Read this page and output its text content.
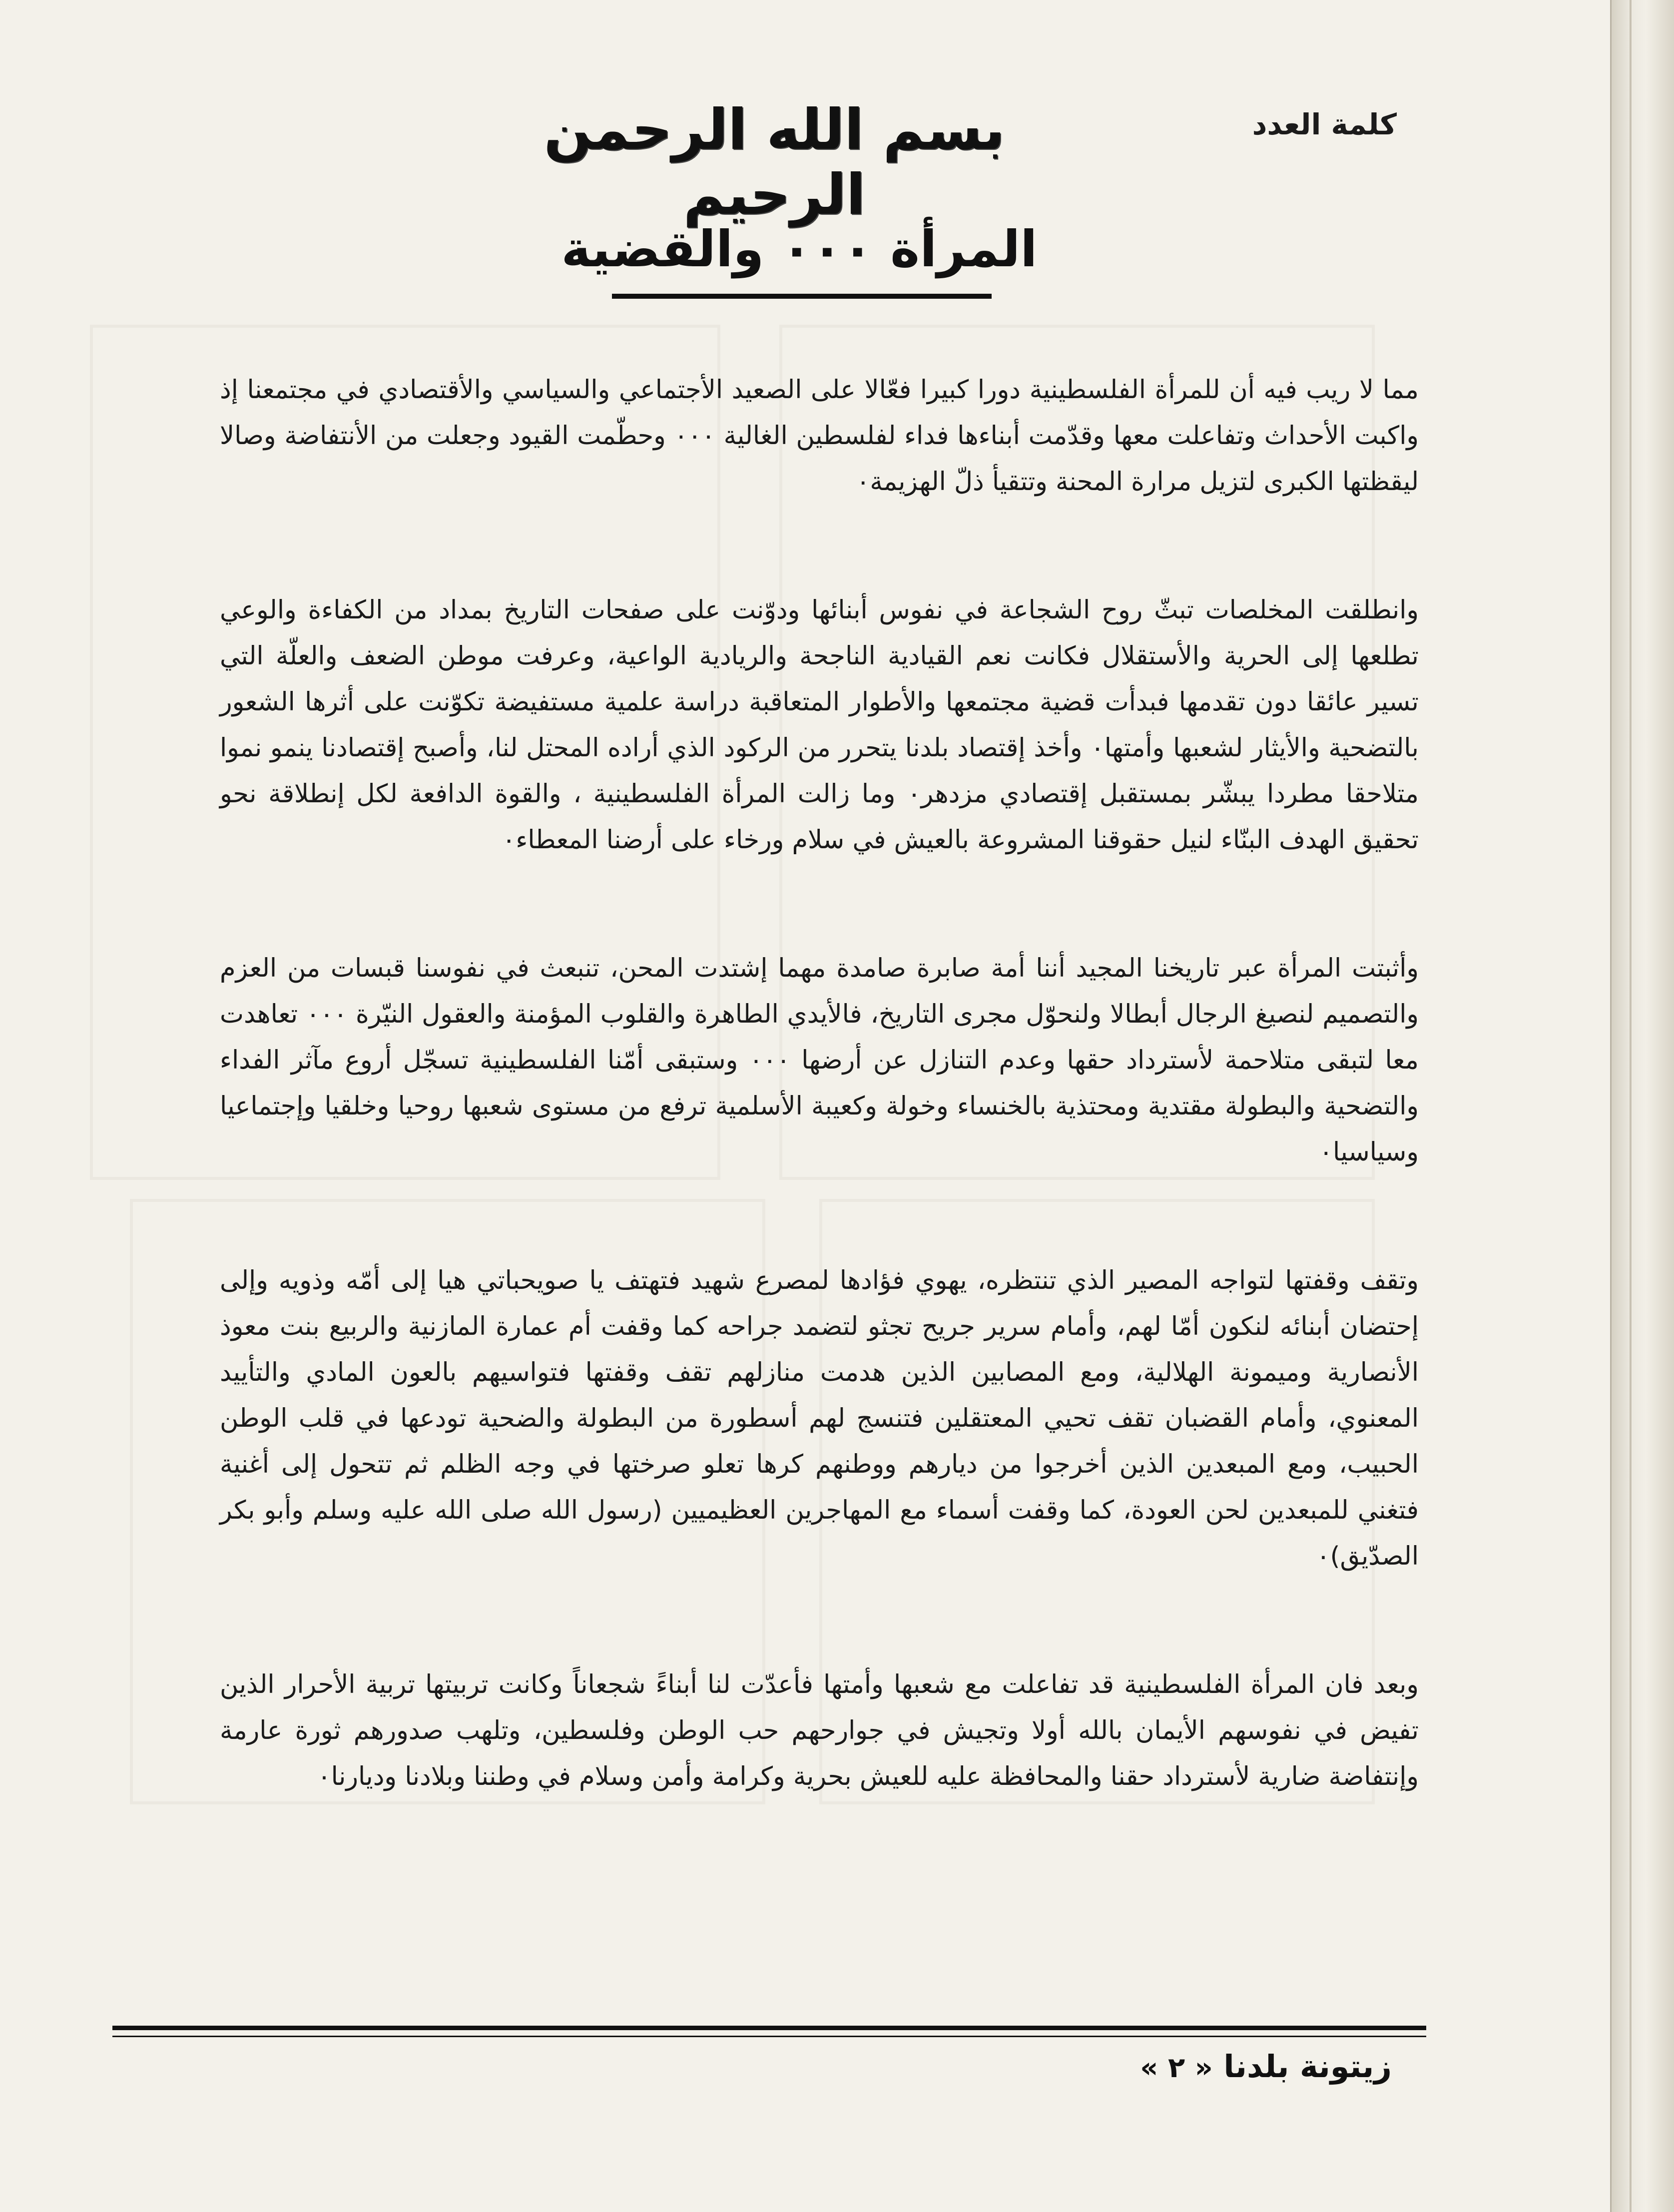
كلمة العدد
بسم الله الرحمن الرحيم
المرأة ٠٠٠ والقضية

مما لا ريب فيه أن للمرأة الفلسطينية دورا كبيرا فعّالا على الصعيد الأجتماعي والسياسي والأقتصادي في مجتمعنا إذ واكبت الأحداث وتفاعلت معها وقدّمت أبناءها فداء لفلسطين الغالية ٠٠٠ وحطّمت القيود وجعلت من الأنتفاضة وصالا ليقظتها الكبرى لتزيل مرارة المحنة وتتقيأ ذلّ الهزيمة٠

وانطلقت المخلصات تبثّ روح الشجاعة في نفوس أبنائها ودوّنت على صفحات التاريخ بمداد من الكفاءة والوعي تطلعها إلى الحرية والأستقلال فكانت نعم القيادية الناجحة والريادية الواعية، وعرفت موطن الضعف والعلّة التي تسير عائقا دون تقدمها فبدأت قضية مجتمعها والأطوار المتعاقبة دراسة علمية مستفيضة تكوّنت على أثرها الشعور بالتضحية والأيثار لشعبها وأمتها٠ وأخذ إقتصاد بلدنا يتحرر من الركود الذي أراده المحتل لنا، وأصبح إقتصادنا ينمو نموا متلاحقا مطردا يبشّر بمستقبل إقتصادي مزدهر٠ وما زالت المرأة الفلسطينية ، والقوة الدافعة لكل إنطلاقة نحو تحقيق الهدف البنّاء لنيل حقوقنا المشروعة بالعيش في سلام ورخاء على أرضنا المعطاء٠

وأثبتت المرأة عبر تاريخنا المجيد أننا أمة صابرة صامدة مهما إشتدت المحن، تنبعث في نفوسنا قبسات من العزم والتصميم لنصيغ الرجال أبطالا ولنحوّل مجرى التاريخ، فالأيدي الطاهرة والقلوب المؤمنة والعقول النيّرة ٠٠٠ تعاهدت معا لتبقى متلاحمة لأسترداد حقها وعدم التنازل عن أرضها ٠٠٠ وستبقى أمّنا الفلسطينية تسجّل أروع مآثر الفداء والتضحية والبطولة مقتدية ومحتذية بالخنساء وخولة وكعيبة الأسلمية ترفع من مستوى شعبها روحيا وخلقيا وإجتماعيا وسياسيا٠

وتقف وقفتها لتواجه المصير الذي تنتظره، يهوي فؤادها لمصرع شهيد فتهتف يا صويحباتي هيا إلى أمّه وذويه وإلى إحتضان أبنائه لنكون أمّا لهم، وأمام سرير جريح تجثو لتضمد جراحه كما وقفت أم عمارة المازنية والربيع بنت معوذ الأنصارية وميمونة الهلالية، ومع المصابين الذين هدمت منازلهم تقف وقفتها فتواسيهم بالعون المادي والتأييد المعنوي، وأمام القضبان تقف تحيي المعتقلين فتنسج لهم أسطورة من البطولة والضحية تودعها في قلب الوطن الحبيب، ومع المبعدين الذين أخرجوا من ديارهم ووطنهم كرها تعلو صرختها في وجه الظلم ثم تتحول إلى أغنية فتغني للمبعدين لحن العودة، كما وقفت أسماء مع المهاجرين العظيميين (رسول الله صلى الله عليه وسلم وأبو بكر الصدّيق)٠

وبعد فان المرأة الفلسطينية قد تفاعلت مع شعبها وأمتها فأعدّت لنا أبناءً شجعاناً وكانت تربيتها تربية الأحرار الذين تفيض في نفوسهم الأيمان بالله أولا وتجيش في جوارحهم حب الوطن وفلسطين، وتلهب صدورهم ثورة عارمة وإنتفاضة ضارية لأسترداد حقنا والمحافظة عليه للعيش بحرية وكرامة وأمن وسلام في وطننا وبلادنا وديارنا٠

زيتونة بلدنا « ٢ »
